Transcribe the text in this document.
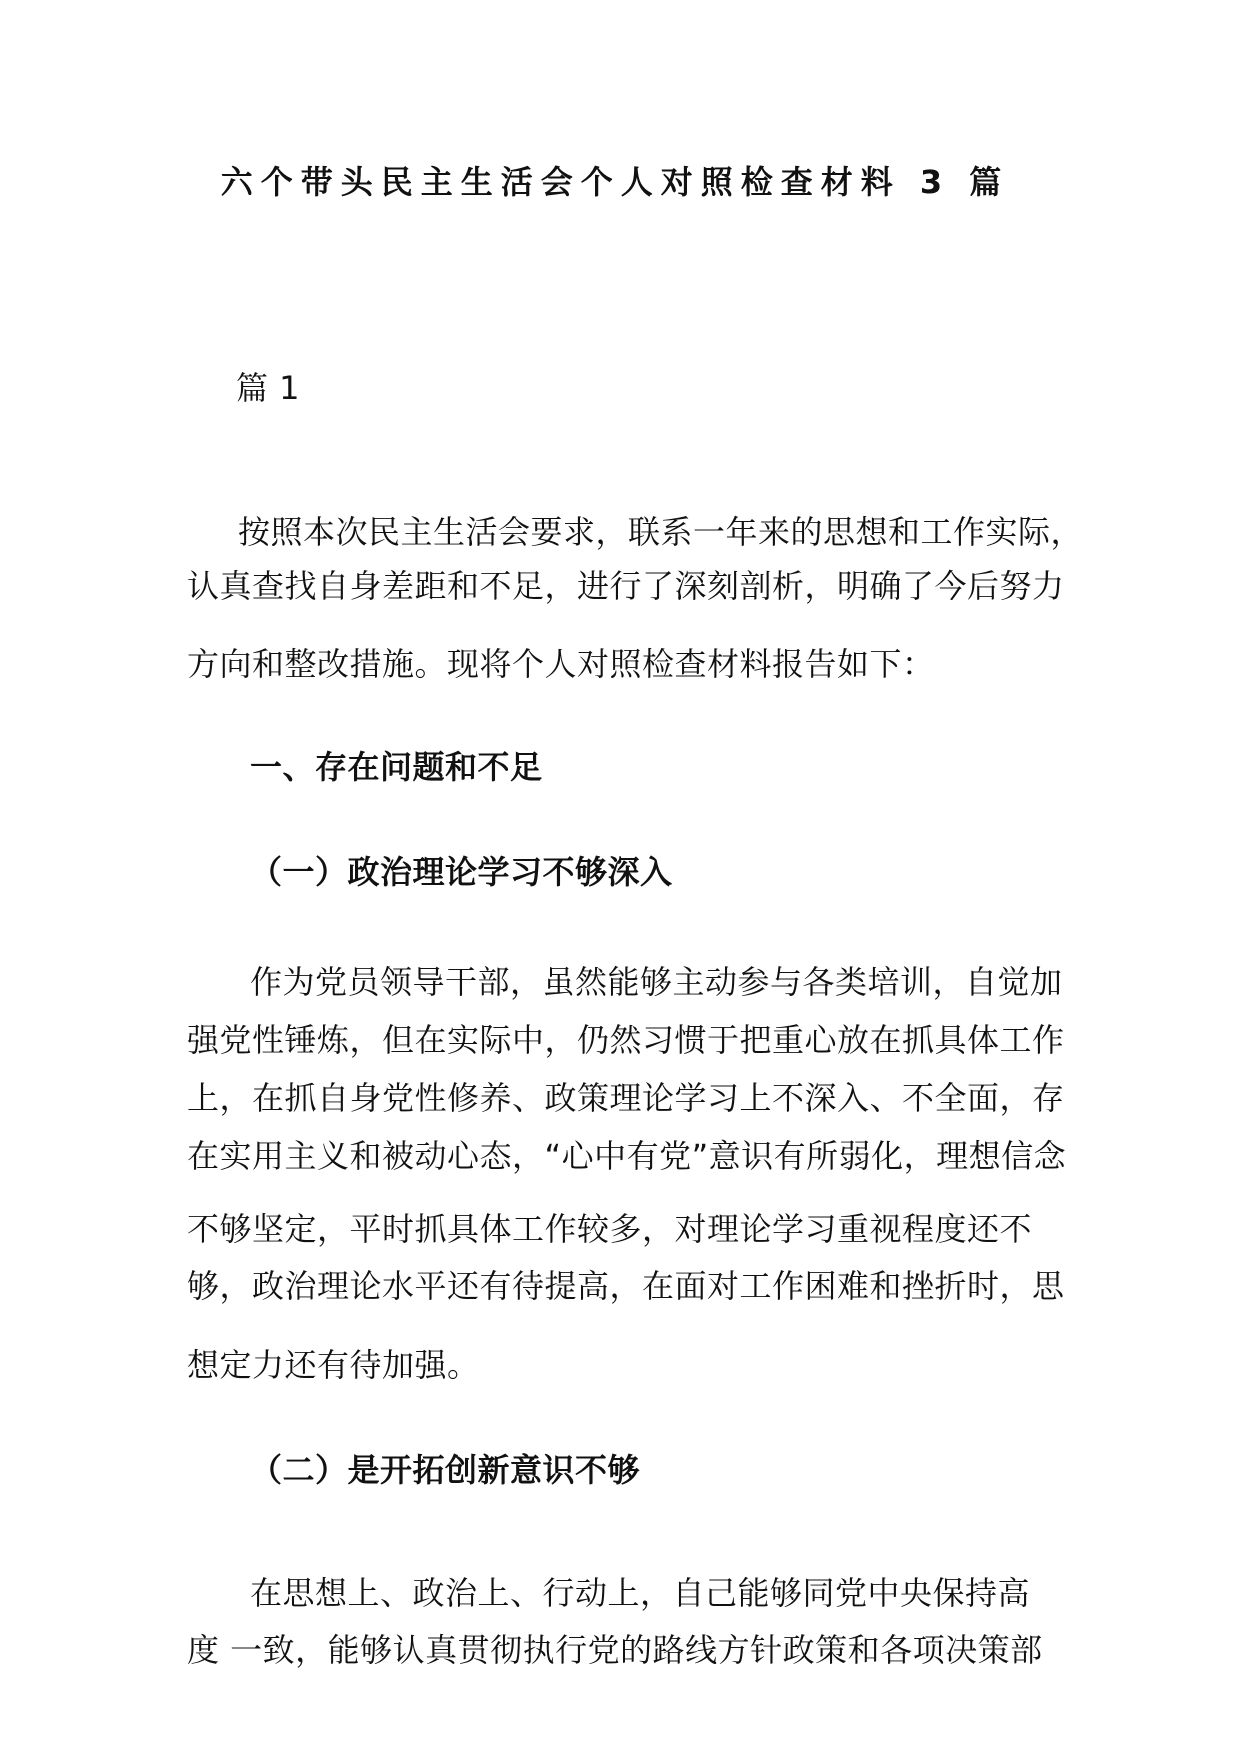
六个带头民主生活会个人对照检查材料 3 篇
篇 1
按照本次民主生活会要求，联系一年来的思想和工作实际，
认真查找自身差距和不足，进行了深刻剖析，明确了今后努力
方向和整改措施。现将个人对照检查材料报告如下：
一、存在问题和不足
（一）政治理论学习不够深入
作为党员领导干部，虽然能够主动参与各类培训，自觉加
强党性锤炼，但在实际中，仍然习惯于把重心放在抓具体工作
上，在抓自身党性修养、政策理论学习上不深入、不全面，存
在实用主义和被动心态，“心中有党”意识有所弱化，理想信念
不够坚定，平时抓具体工作较多，对理论学习重视程度还不
够，政治理论水平还有待提高，在面对工作困难和挫折时，思
想定力还有待加强。
（二）是开拓创新意识不够
在思想上、政治上、行动上，自己能够同党中央保持高
度 一致，能够认真贯彻执行党的路线方针政策和各项决策部
